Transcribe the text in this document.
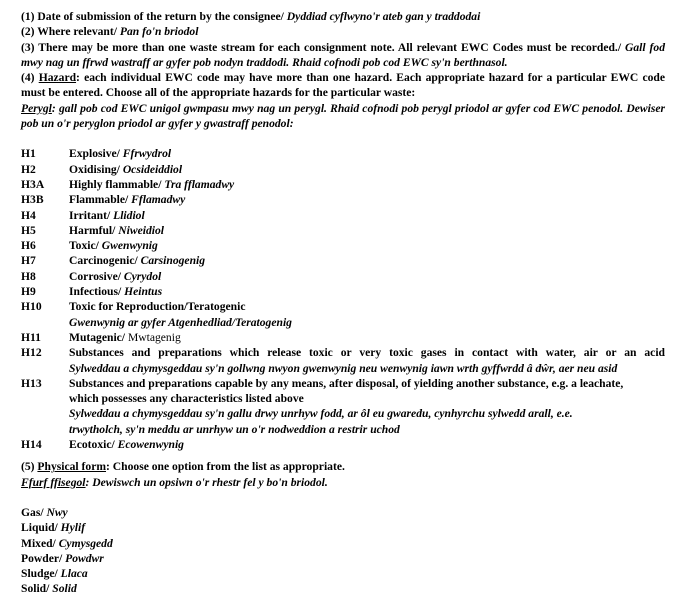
(1) Date of submission of the return by the consignee/ Dyddiad cyflwyno'r ateb gan y traddodai

(2) Where relevant/ Pan fo'n briodol

(3) There may be more than one waste stream for each consignment note. All relevant EWC Codes must be recorded./ Gall fod mwy nag un ffrwd wastraff ar gyfer pob nodyn traddodi. Rhaid cofnodi pob cod EWC sy'n berthnasol.

(4) Hazard: each individual EWC code may have more than one hazard. Each appropriate hazard for a particular EWC code must be entered. Choose all of the appropriate hazards for the particular waste:

Perygl: gall pob cod EWC unigol gwmpasu mwy nag un perygl. Rhaid cofnodi pob perygl priodol ar gyfer cod EWC penodol. Dewiser pob un o'r peryglon priodol ar gyfer y gwastraff penodol:

H1	Explosive/ Ffrwydrol
H2	Oxidising/ Ocsideiddiol
H3A	Highly flammable/ Tra fflamadwy
H3B	Flammable/ Fflamadwy
H4	Irritant/ Llidiol
H5	Harmful/ Niweidiol
H6	Toxic/ Gwenwynig
H7	Carcinogenic/ Carsinogenig
H8	Corrosive/ Cyrydol
H9	Infectious/ Heintus
H10	Toxic for Reproduction/Teratogenic
Gwenwynig ar gyfer Atgenhedliad/Teratogenig
H11	Mutagenic/ Mwtagenig
H12	Substances and preparations which release toxic or very toxic gases in contact with water, air or an acid
Sylweddau a chymysgeddau sy'n gollwng nwyon gwenwynig neu wenwynig iawn wrth gyffwrdd â dŵr, aer neu asid
H13	Substances and preparations capable by any means, after disposal, of yielding another substance, e.g. a leachate,
which possesses any characteristics listed above
Sylweddau a chymysgeddau sy'n gallu drwy unrhyw fodd, ar ôl eu gwaredu, cynhyrchu sylwedd arall, e.e.
trwytholch, sy'n meddu ar unrhyw un o'r nodweddion a restrir uchod
H14	Ecotoxic/ Ecowenwynig

(5) Physical form: Choose one option from the list as appropriate.

Ffurf ffisegol: Dewiswch un opsiwn o'r rhestr fel y bo'n briodol.

Gas/ Nwy

Liquid/ Hylif

Mixed/ Cymysgedd

Powder/ Powdwr

Sludge/ Llaca

Solid/ Solid
